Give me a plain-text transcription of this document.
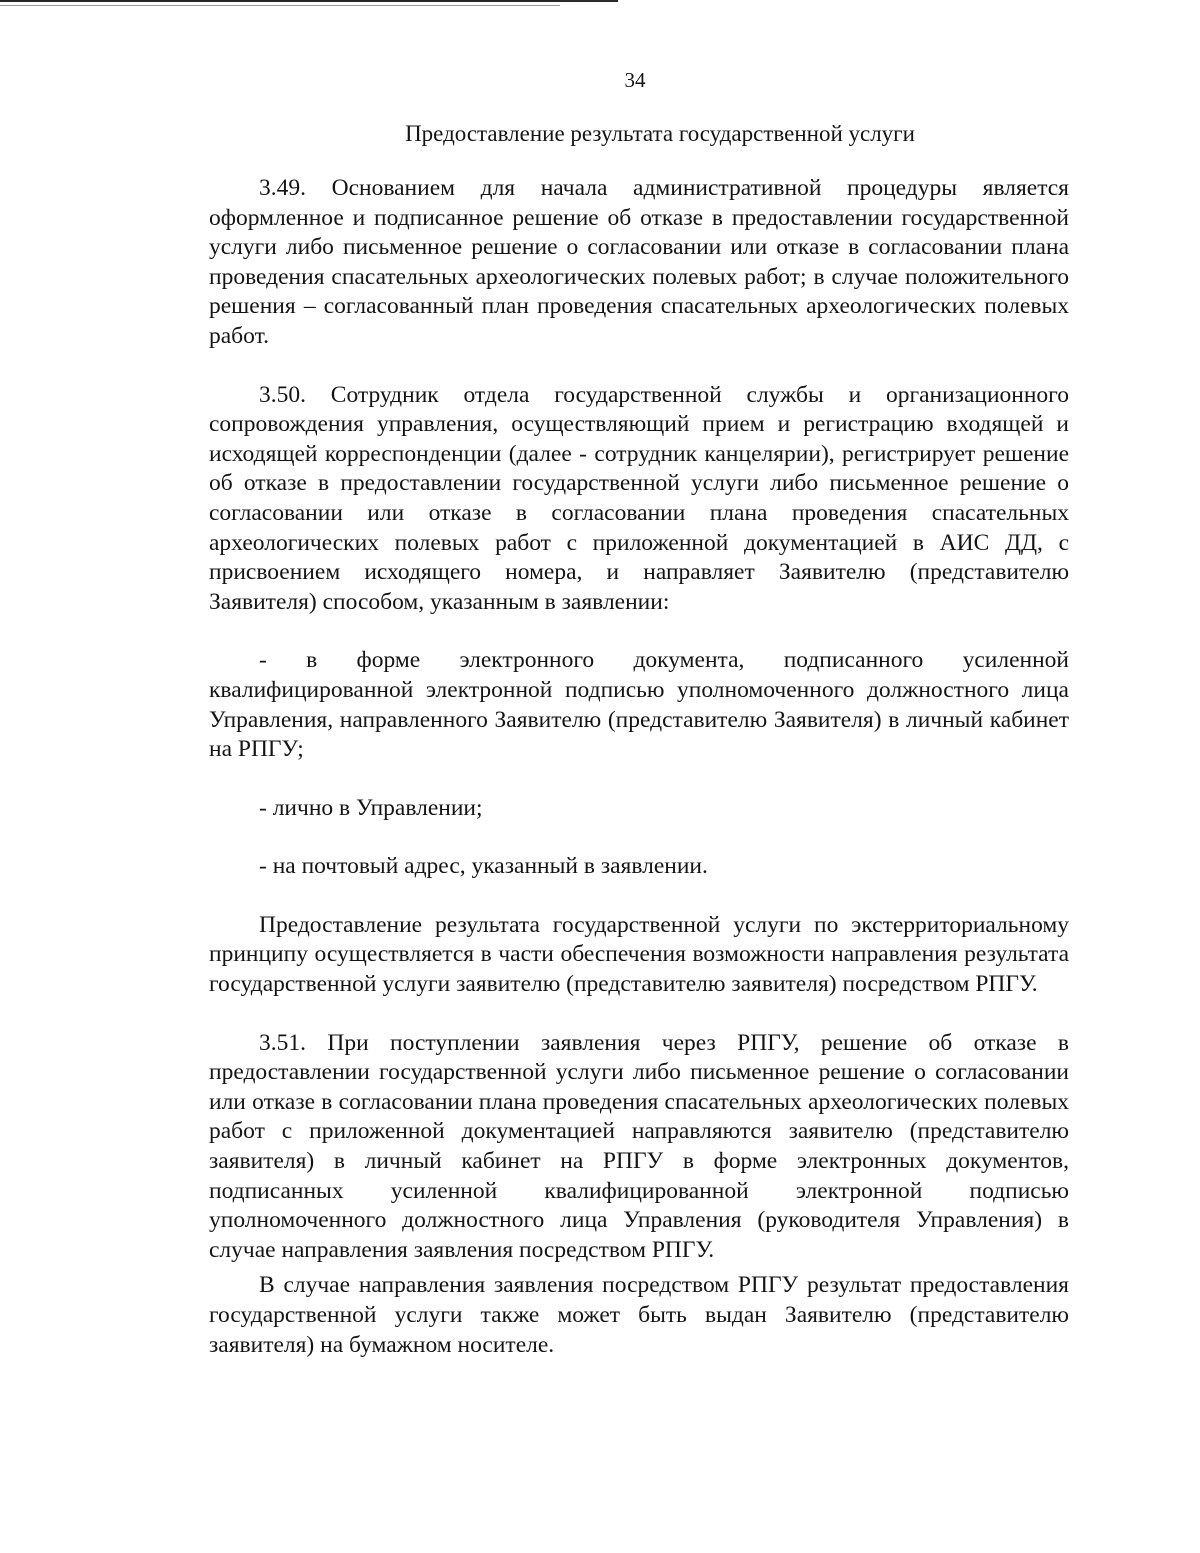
34
Предоставление результата государственной услуги

3.49. Основанием для начала административной процедуры является оформленное и подписанное решение об отказе в предоставлении государственной услуги либо письменное решение о согласовании или отказе в согласовании плана проведения спасательных археологических полевых работ; в случае положительного решения – согласованный план проведения спасательных археологических полевых работ.

3.50. Сотрудник отдела государственной службы и организационного сопровождения управления, осуществляющий прием и регистрацию входящей и исходящей корреспонденции (далее - сотрудник канцелярии), регистрирует решение об отказе в предоставлении государственной услуги либо письменное решение о согласовании или отказе в согласовании плана проведения спасательных археологических полевых работ с приложенной документацией в АИС ДД, с присвоением исходящего номера, и направляет Заявителю (представителю Заявителя) способом, указанным в заявлении:

- в форме электронного документа, подписанного усиленной квалифицированной электронной подписью уполномоченного должностного лица Управления, направленного Заявителю (представителю Заявителя) в личный кабинет на РПГУ;

- лично в Управлении;

- на почтовый адрес, указанный в заявлении.

Предоставление результата государственной услуги по экстерриториальному принципу осуществляется в части обеспечения возможности направления результата государственной услуги заявителю (представителю заявителя) посредством РПГУ.

3.51. При поступлении заявления через РПГУ, решение об отказе в предоставлении государственной услуги либо письменное решение о согласовании или отказе в согласовании плана проведения спасательных археологических полевых работ с приложенной документацией направляются заявителю (представителю заявителя) в личный кабинет на РПГУ в форме электронных документов, подписанных усиленной квалифицированной электронной подписью уполномоченного должностного лица Управления (руководителя Управления) в случае направления заявления посредством РПГУ.

В случае направления заявления посредством РПГУ результат предоставления государственной услуги также может быть выдан Заявителю (представителю заявителя) на бумажном носителе.
